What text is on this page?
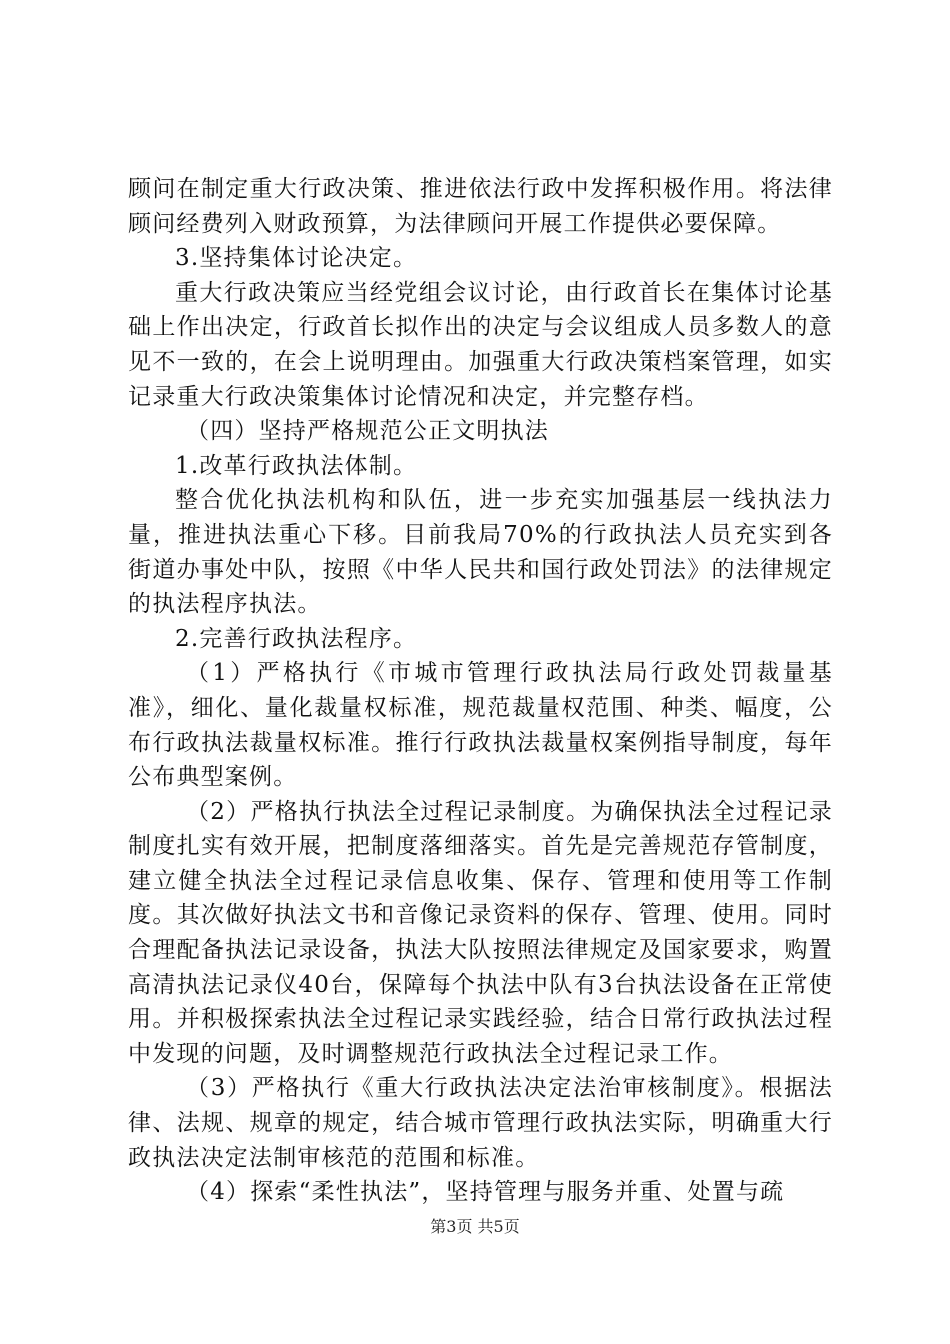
顾问在制定重大行政决策、推进依法行政中发挥积极作用。将法律顾问经费列入财政预算，为法律顾问开展工作提供必要保障。

3.坚持集体讨论决定。

重大行政决策应当经党组会议讨论，由行政首长在集体讨论基础上作出决定，行政首长拟作出的决定与会议组成人员多数人的意见不一致的，在会上说明理由。加强重大行政决策档案管理，如实记录重大行政决策集体讨论情况和决定，并完整存档。

（四）坚持严格规范公正文明执法

1.改革行政执法体制。

整合优化执法机构和队伍，进一步充实加强基层一线执法力量，推进执法重心下移。目前我局70%的行政执法人员充实到各街道办事处中队，按照《中华人民共和国行政处罚法》的法律规定的执法程序执法。

2.完善行政执法程序。

（1）严格执行《市城市管理行政执法局行政处罚裁量基准》，细化、量化裁量权标准，规范裁量权范围、种类、幅度，公布行政执法裁量权标准。推行行政执法裁量权案例指导制度，每年公布典型案例。

（2）严格执行执法全过程记录制度。为确保执法全过程记录制度扎实有效开展，把制度落细落实。首先是完善规范存管制度，建立健全执法全过程记录信息收集、保存、管理和使用等工作制度。其次做好执法文书和音像记录资料的保存、管理、使用。同时合理配备执法记录设备，执法大队按照法律规定及国家要求，购置高清执法记录仪40台，保障每个执法中队有3台执法设备在正常使用。并积极探索执法全过程记录实践经验，结合日常行政执法过程中发现的问题，及时调整规范行政执法全过程记录工作。

（3）严格执行《重大行政执法决定法治审核制度》。根据法律、法规、规章的规定，结合城市管理行政执法实际，明确重大行政执法决定法制审核范的范围和标准。

（4）探索“柔性执法”，坚持管理与服务并重、处置与疏

第3页 共5页
